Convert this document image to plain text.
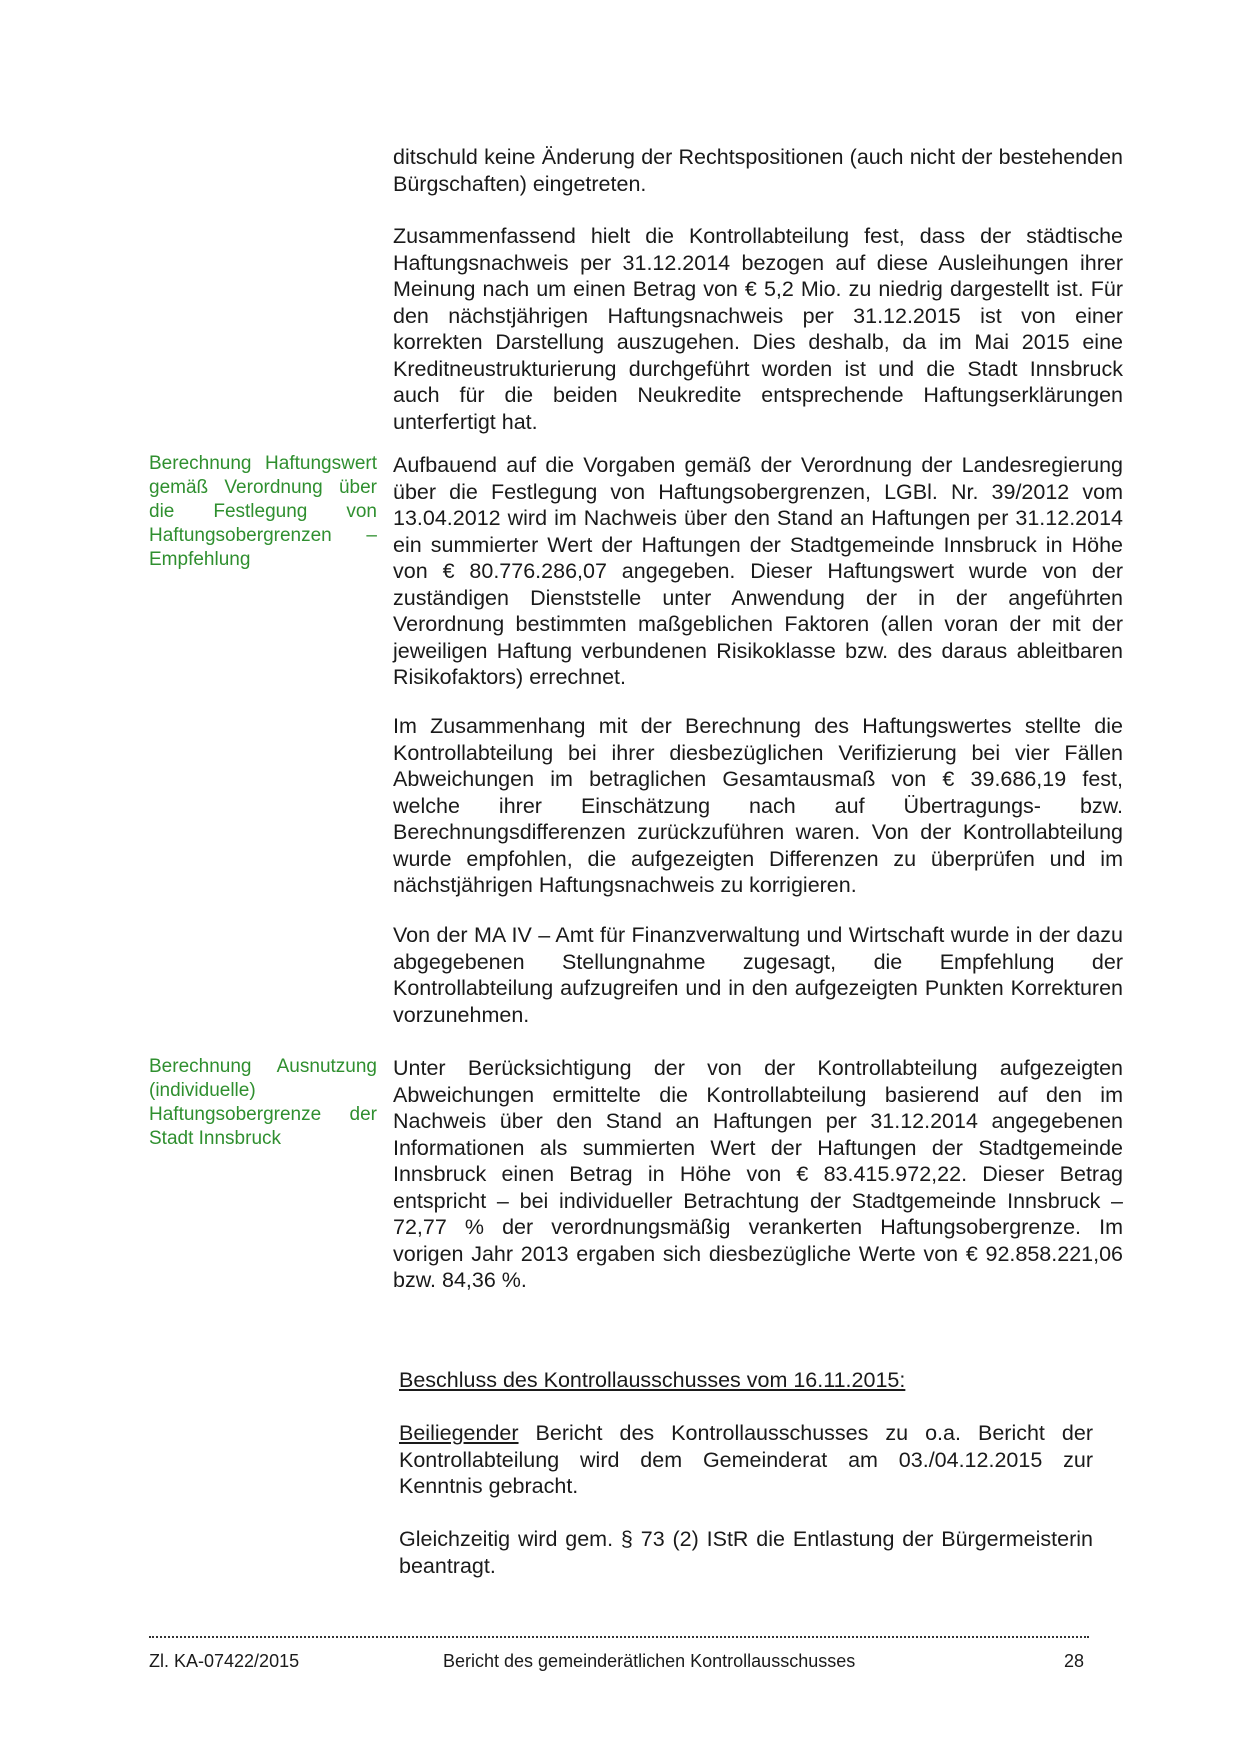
ditschuld keine Änderung der Rechtspositionen (auch nicht der bestehenden Bürgschaften) eingetreten.

Zusammenfassend hielt die Kontrollabteilung fest, dass der städtische Haftungsnachweis per 31.12.2014 bezogen auf diese Ausleihungen ihrer Meinung nach um einen Betrag von € 5,2 Mio. zu niedrig dargestellt ist. Für den nächstjährigen Haftungsnachweis per 31.12.2015 ist von einer korrekten Darstellung auszugehen. Dies deshalb, da im Mai 2015 eine Kreditneustrukturierung durchgeführt worden ist und die Stadt Innsbruck auch für die beiden Neukredite entsprechende Haftungserklärungen unterfertigt hat.

Berechnung Haftungswert gemäß Verordnung über die Festlegung von Haftungsobergrenzen – Empfehlung

Aufbauend auf die Vorgaben gemäß der Verordnung der Landesregierung über die Festlegung von Haftungsobergrenzen, LGBl. Nr. 39/2012 vom 13.04.2012 wird im Nachweis über den Stand an Haftungen per 31.12.2014 ein summierter Wert der Haftungen der Stadtgemeinde Innsbruck in Höhe von € 80.776.286,07 angegeben. Dieser Haftungswert wurde von der zuständigen Dienststelle unter Anwendung der in der angeführten Verordnung bestimmten maßgeblichen Faktoren (allen voran der mit der jeweiligen Haftung verbundenen Risikoklasse bzw. des daraus ableitbaren Risikofaktors) errechnet.

Im Zusammenhang mit der Berechnung des Haftungswertes stellte die Kontrollabteilung bei ihrer diesbezüglichen Verifizierung bei vier Fällen Abweichungen im betraglichen Gesamtausmaß von € 39.686,19 fest, welche ihrer Einschätzung nach auf Übertragungs- bzw. Berechnungsdifferenzen zurückzuführen waren. Von der Kontrollabteilung wurde empfohlen, die aufgezeigten Differenzen zu überprüfen und im nächstjährigen Haftungsnachweis zu korrigieren.

Von der MA IV – Amt für Finanzverwaltung und Wirtschaft wurde in der dazu abgegebenen Stellungnahme zugesagt, die Empfehlung der Kontrollabteilung aufzugreifen und in den aufgezeigten Punkten Korrekturen vorzunehmen.

Berechnung Ausnutzung (individuelle) Haftungsobergrenze der Stadt Innsbruck

Unter Berücksichtigung der von der Kontrollabteilung aufgezeigten Abweichungen ermittelte die Kontrollabteilung basierend auf den im Nachweis über den Stand an Haftungen per 31.12.2014 angegebenen Informationen als summierten Wert der Haftungen der Stadtgemeinde Innsbruck einen Betrag in Höhe von € 83.415.972,22. Dieser Betrag entspricht – bei individueller Betrachtung der Stadtgemeinde Innsbruck – 72,77 % der verordnungsmäßig verankerten Haftungsobergrenze. Im vorigen Jahr 2013 ergaben sich diesbezügliche Werte von € 92.858.221,06 bzw. 84,36 %.

Beschluss des Kontrollausschusses vom 16.11.2015:

Beiliegender Bericht des Kontrollausschusses zu o.a. Bericht der Kontrollabteilung wird dem Gemeinderat am 03./04.12.2015 zur Kenntnis gebracht.

Gleichzeitig wird gem. § 73 (2) IStR die Entlastung der Bürgermeisterin beantragt.

Zl. KA-07422/2015	Bericht des gemeinderätlichen Kontrollausschusses	28
